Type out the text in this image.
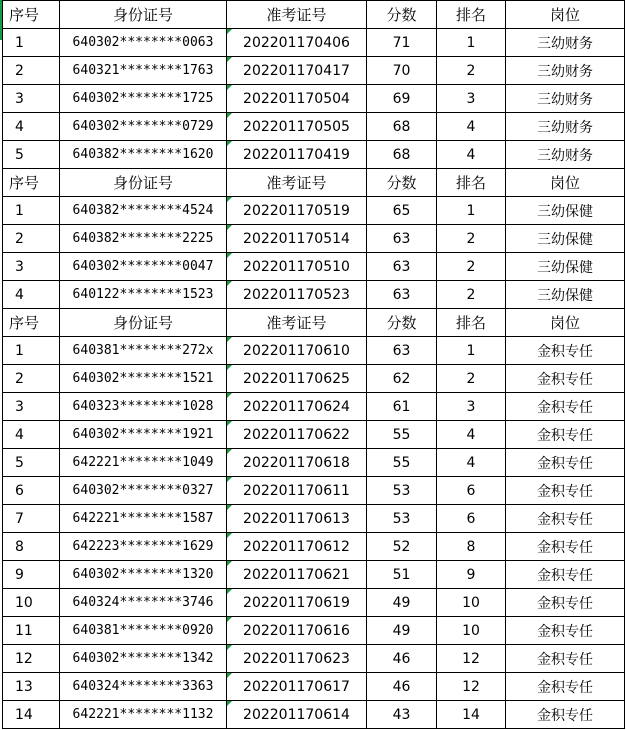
序号	身份证号	准考证号	分数	排名	岗位
1	640302********0063	202201170406	71	1	三幼财务
2	640321********1763	202201170417	70	2	三幼财务
3	640302********1725	202201170504	69	3	三幼财务
4	640302********0729	202201170505	68	4	三幼财务
5	640382********1620	202201170419	68	4	三幼财务
序号	身份证号	准考证号	分数	排名	岗位
1	640382********4524	202201170519	65	1	三幼保健
2	640382********2225	202201170514	63	2	三幼保健
3	640302********0047	202201170510	63	2	三幼保健
4	640122********1523	202201170523	63	2	三幼保健
序号	身份证号	准考证号	分数	排名	岗位
1	640381********272x	202201170610	63	1	金积专任
2	640302********1521	202201170625	62	2	金积专任
3	640323********1028	202201170624	61	3	金积专任
4	640302********1921	202201170622	55	4	金积专任
5	642221********1049	202201170618	55	4	金积专任
6	640302********0327	202201170611	53	6	金积专任
7	642221********1587	202201170613	53	6	金积专任
8	642223********1629	202201170612	52	8	金积专任
9	640302********1320	202201170621	51	9	金积专任
10	640324********3746	202201170619	49	10	金积专任
11	640381********0920	202201170616	49	10	金积专任
12	640302********1342	202201170623	46	12	金积专任
13	640324********3363	202201170617	46	12	金积专任
14	642221********1132	202201170614	43	14	金积专任
